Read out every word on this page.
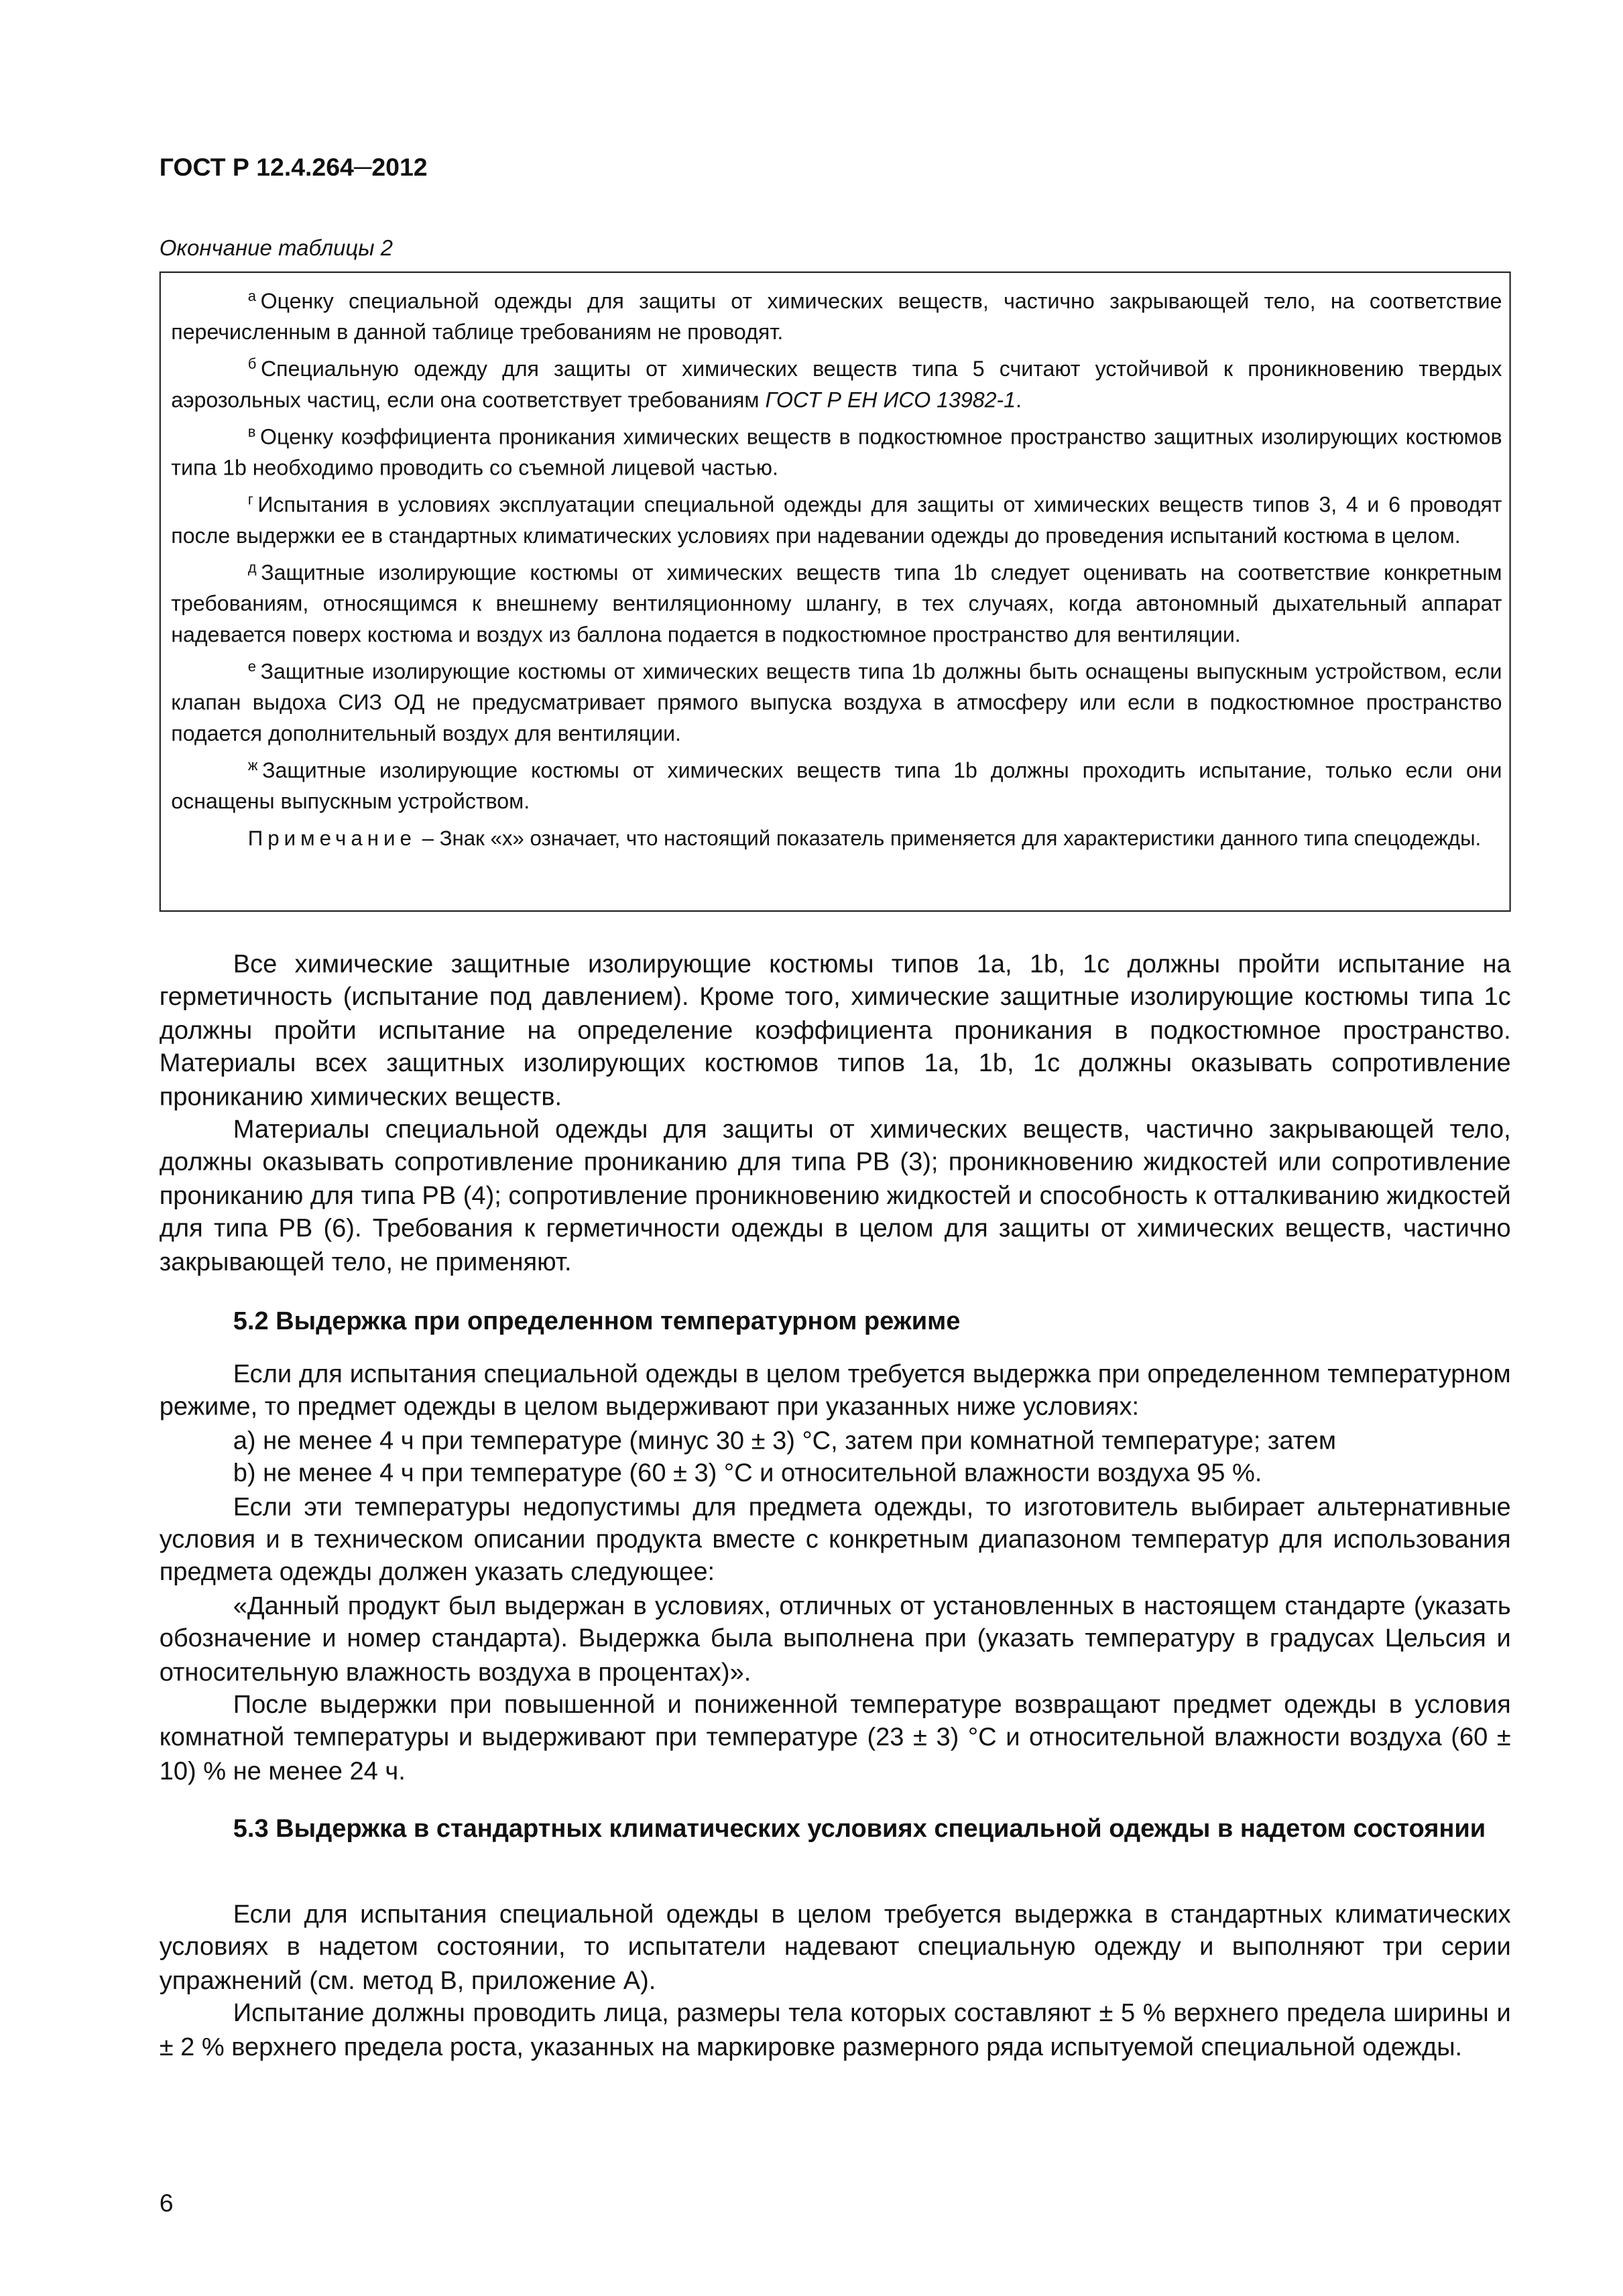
ГОСТ Р 12.4.264─2012
Окончание таблицы 2

$^а$ Оценку специальной одежды для защиты от химических веществ, частично закрывающей тело, на соответствие перечисленным в данной таблице требованиям не проводят.

$^б$ Специальную одежду для защиты от химических веществ типа 5 считают устойчивой к проникновению твердых аэрозольных частиц, если она соответствует требованиям ГОСТ Р ЕН ИСО 13982-1.

$^в$ Оценку коэффициента проникания химических веществ в подкостюмное пространство защитных изолирующих костюмов типа 1b необходимо проводить со съемной лицевой частью.

$^г$ Испытания в условиях эксплуатации специальной одежды для защиты от химических веществ типов 3, 4 и 6 проводят после выдержки ее в стандартных климатических условиях при надевании одежды до проведения испытаний костюма в целом.

$^д$ Защитные изолирующие костюмы от химических веществ типа 1b следует оценивать на соответствие конкретным требованиям, относящимся к внешнему вентиляционному шлангу, в тех случаях, когда автономный дыхательный аппарат надевается поверх костюма и воздух из баллона подается в подкостюмное пространство для вентиляции.

$^е$ Защитные изолирующие костюмы от химических веществ типа 1b должны быть оснащены выпускным устройством, если клапан выдоха СИЗ ОД не предусматривает прямого выпуска воздуха в атмосферу или если в подкостюмное пространство подается дополнительный воздух для вентиляции.

$^ж$ Защитные изолирующие костюмы от химических веществ типа 1b должны проходить испытание, только если они оснащены выпускным устройством.

Примечание – Знак «х» означает, что настоящий показатель применяется для характеристики данного типа спецодежды.

Все химические защитные изолирующие костюмы типов 1a, 1b, 1c должны пройти испытание на герметичность (испытание под давлением). Кроме того, химические защитные изолирующие костюмы типа 1c должны пройти испытание на определение коэффициента проникания в подкостюмное пространство. Материалы всех защитных изолирующих костюмов типов 1a, 1b, 1c должны оказывать сопротивление прониканию химических веществ.

Материалы специальной одежды для защиты от химических веществ, частично закрывающей тело, должны оказывать сопротивление прониканию для типа PB (3); проникновению жидкостей или сопротивление прониканию для типа PB (4); сопротивление проникновению жидкостей и способность к отталкиванию жидкостей для типа PB (6). Требования к герметичности одежды в целом для защиты от химических веществ, частично закрывающей тело, не применяют.

5.2 Выдержка при определенном температурном режиме

Если для испытания специальной одежды в целом требуется выдержка при определенном температурном режиме, то предмет одежды в целом выдерживают при указанных ниже условиях:

a) не менее 4 ч при температуре (минус 30 ± 3) °С, затем при комнатной температуре; затем

b) не менее 4 ч при температуре (60 ± 3) °С и относительной влажности воздуха 95 %.

Если эти температуры недопустимы для предмета одежды, то изготовитель выбирает альтернативные условия и в техническом описании продукта вместе с конкретным диапазоном температур для использования предмета одежды должен указать следующее:

«Данный продукт был выдержан в условиях, отличных от установленных в настоящем стандарте (указать обозначение и номер стандарта). Выдержка была выполнена при (указать температуру в градусах Цельсия и относительную влажность воздуха в процентах)».

После выдержки при повышенной и пониженной температуре возвращают предмет одежды в условия комнатной температуры и выдерживают при температуре (23 ± 3) °С и относительной влажности воздуха (60 ± 10) % не менее 24 ч.

5.3 Выдержка в стандартных климатических условиях специальной одежды в надетом состоянии

Если для испытания специальной одежды в целом требуется выдержка в стандартных климатических условиях в надетом состоянии, то испытатели надевают специальную одежду и выполняют три серии упражнений (см. метод B, приложение А).

Испытание должны проводить лица, размеры тела которых составляют ± 5 % верхнего предела ширины и ± 2 % верхнего предела роста, указанных на маркировке размерного ряда испытуемой специальной одежды.

6
